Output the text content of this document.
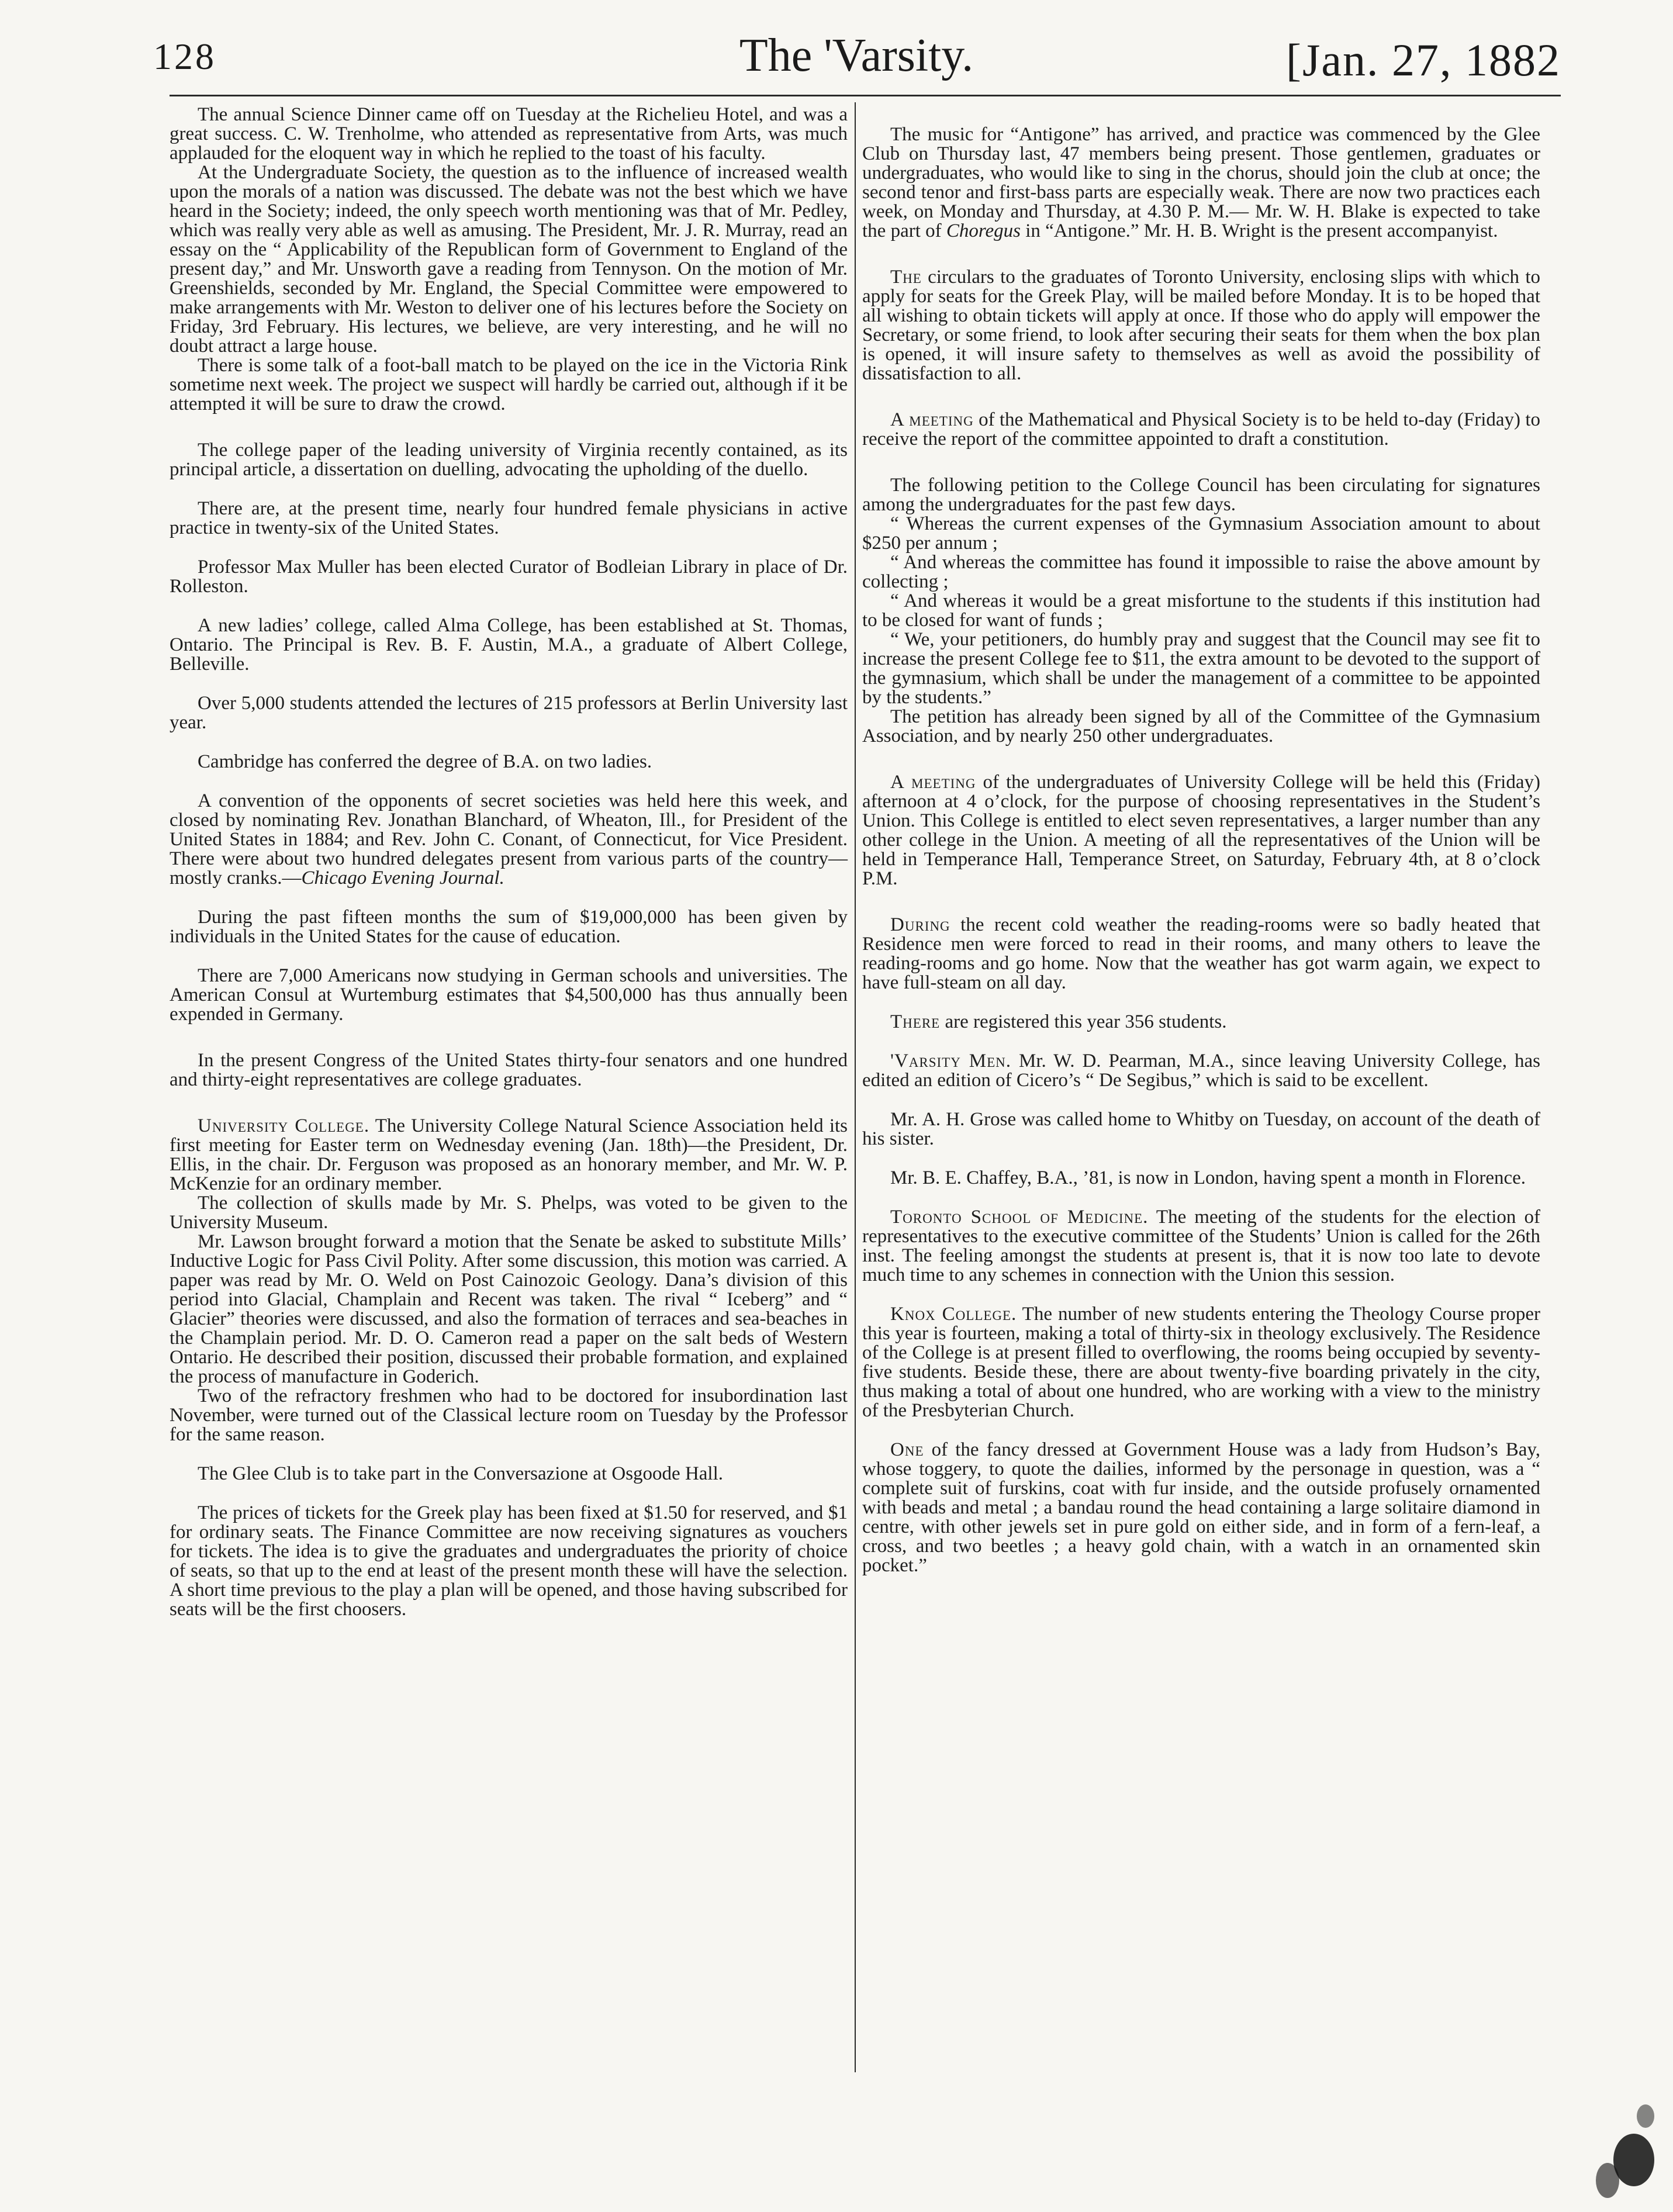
128	The 'Varsity.	[Jan. 27, 1882

The annual Science Dinner came off on Tuesday at the Richelieu Hotel, and was a great success. C. W. Trenholme, who attended as representative from Arts, was much applauded for the eloquent way in which he replied to the toast of his faculty.

At the Undergraduate Society, the question as to the influence of increased wealth upon the morals of a nation was discussed. The debate was not the best which we have heard in the Society; indeed, the only speech worth mentioning was that of Mr. Pedley, which was really very able as well as amusing. The President, Mr. J. R. Murray, read an essay on the “ Applicability of the Republican form of Government to England of the present day,” and Mr. Unsworth gave a reading from Tennyson. On the motion of Mr. Greenshields, seconded by Mr. England, the Special Committee were empowered to make arrangements with Mr. Weston to deliver one of his lectures before the Society on Friday, 3rd February. His lectures, we believe, are very interesting, and he will no doubt attract a large house.

There is some talk of a foot-ball match to be played on the ice in the Victoria Rink sometime next week. The project we suspect will hardly be carried out, although if it be attempted it will be sure to draw the crowd.

The college paper of the leading university of Virginia recently contained, as its principal article, a dissertation on duelling, advocating the upholding of the duello.

There are, at the present time, nearly four hundred female physicians in active practice in twenty-six of the United States.

Professor Max Muller has been elected Curator of Bodleian Library in place of Dr. Rolleston.

A new ladies’ college, called Alma College, has been established at St. Thomas, Ontario. The Principal is Rev. B. F. Austin, M.A., a graduate of Albert College, Belleville.

Over 5,000 students attended the lectures of 215 professors at Berlin University last year.

Cambridge has conferred the degree of B.A. on two ladies.

A convention of the opponents of secret societies was held here this week, and closed by nominating Rev. Jonathan Blanchard, of Wheaton, Ill., for President of the United States in 1884; and Rev. John C. Conant, of Connecticut, for Vice President. There were about two hundred delegates present from various parts of the country—mostly cranks.—Chicago Evening Journal.

During the past fifteen months the sum of $19,000,000 has been given by individuals in the United States for the cause of education.

There are 7,000 Americans now studying in German schools and universities. The American Consul at Wurtemburg estimates that $4,500,000 has thus annually been expended in Germany.

In the present Congress of the United States thirty-four senators and one hundred and thirty-eight representatives are college graduates.

University College. The University College Natural Science Association held its first meeting for Easter term on Wednesday evening (Jan. 18th)—the President, Dr. Ellis, in the chair. Dr. Ferguson was proposed as an honorary member, and Mr. W. P. McKenzie for an ordinary member.

The collection of skulls made by Mr. S. Phelps, was voted to be given to the University Museum.

Mr. Lawson brought forward a motion that the Senate be asked to substitute Mills’ Inductive Logic for Pass Civil Polity. After some discussion, this motion was carried. A paper was read by Mr. O. Weld on Post Cainozoic Geology. Dana’s division of this period into Glacial, Champlain and Recent was taken. The rival “ Iceberg” and “ Glacier” theories were discussed, and also the formation of terraces and sea-beaches in the Champlain period. Mr. D. O. Cameron read a paper on the salt beds of Western Ontario. He described their position, discussed their probable formation, and explained the process of manufacture in Goderich.

Two of the refractory freshmen who had to be doctored for insubordination last November, were turned out of the Classical lecture room on Tuesday by the Professor for the same reason.

The Glee Club is to take part in the Conversazione at Osgoode Hall.

The prices of tickets for the Greek play has been fixed at $1.50 for reserved, and $1 for ordinary seats. The Finance Committee are now receiving signatures as vouchers for tickets. The idea is to give the graduates and undergraduates the priority of choice of seats, so that up to the end at least of the present month these will have the selection. A short time previous to the play a plan will be opened, and those having subscribed for seats will be the first choosers.

The music for “Antigone” has arrived, and practice was commenced by the Glee Club on Thursday last, 47 members being present. Those gentlemen, graduates or undergraduates, who would like to sing in the chorus, should join the club at once; the second tenor and first-bass parts are especially weak. There are now two practices each week, on Monday and Thursday, at 4.30 P. M.— Mr. W. H. Blake is expected to take the part of Choregus in “Antigone.” Mr. H. B. Wright is the present accompanyist.

The circulars to the graduates of Toronto University, enclosing slips with which to apply for seats for the Greek Play, will be mailed before Monday. It is to be hoped that all wishing to obtain tickets will apply at once. If those who do apply will empower the Secretary, or some friend, to look after securing their seats for them when the box plan is opened, it will insure safety to themselves as well as avoid the possibility of dissatisfaction to all.

A meeting of the Mathematical and Physical Society is to be held to-day (Friday) to receive the report of the committee appointed to draft a constitution.

The following petition to the College Council has been circulating for signatures among the undergraduates for the past few days.

“ Whereas the current expenses of the Gymnasium Association amount to about $250 per annum ;

“ And whereas the committee has found it impossible to raise the above amount by collecting ;

“ And whereas it would be a great misfortune to the students if this institution had to be closed for want of funds ;

“ We, your petitioners, do humbly pray and suggest that the Council may see fit to increase the present College fee to $11, the extra amount to be devoted to the support of the gymnasium, which shall be under the management of a committee to be appointed by the students.”

The petition has already been signed by all of the Committee of the Gymnasium Association, and by nearly 250 other undergraduates.

A meeting of the undergraduates of University College will be held this (Friday) afternoon at 4 o’clock, for the purpose of choosing representatives in the Student’s Union. This College is entitled to elect seven representatives, a larger number than any other college in the Union. A meeting of all the representatives of the Union will be held in Temperance Hall, Temperance Street, on Saturday, February 4th, at 8 o’clock P.M.

During the recent cold weather the reading-rooms were so badly heated that Residence men were forced to read in their rooms, and many others to leave the reading-rooms and go home. Now that the weather has got warm again, we expect to have full-steam on all day.

There are registered this year 356 students.

'Varsity Men. Mr. W. D. Pearman, M.A., since leaving University College, has edited an edition of Cicero’s “ De Segibus,” which is said to be excellent.

Mr. A. H. Grose was called home to Whitby on Tuesday, on account of the death of his sister.

Mr. B. E. Chaffey, B.A., ’81, is now in London, having spent a month in Florence.

Toronto School of Medicine. The meeting of the students for the election of representatives to the executive committee of the Students’ Union is called for the 26th inst. The feeling amongst the students at present is, that it is now too late to devote much time to any schemes in connection with the Union this session.

Knox College. The number of new students entering the Theology Course proper this year is fourteen, making a total of thirty-six in theology exclusively. The Residence of the College is at present filled to overflowing, the rooms being occupied by seventy-five students. Beside these, there are about twenty-five boarding privately in the city, thus making a total of about one hundred, who are working with a view to the ministry of the Presbyterian Church.

One of the fancy dressed at Government House was a lady from Hudson’s Bay, whose toggery, to quote the dailies, informed by the personage in question, was a “ complete suit of furskins, coat with fur inside, and the outside profusely ornamented with beads and metal ; a bandau round the head containing a large solitaire diamond in centre, with other jewels set in pure gold on either side, and in form of a fern-leaf, a cross, and two beetles ; a heavy gold chain, with a watch in an ornamented skin pocket.”
